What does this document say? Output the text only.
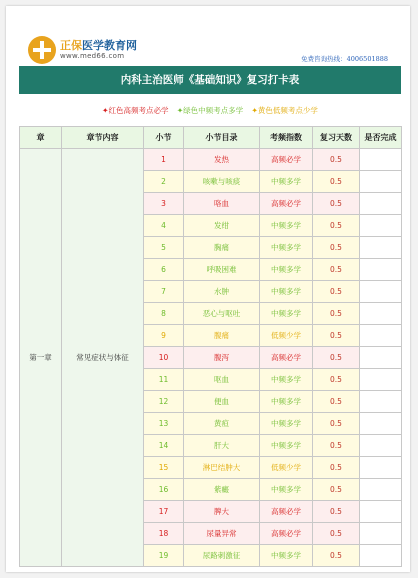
正保医学教育网
www.med66.com	免费咨询热线：4006501888
内科主治医师《基础知识》复习打卡表
✦红色高频考点必学 ✦绿色中频考点多学 ✦黄色低频考点少学
章	章节内容	小节	小节目录	考频指数	复习天数	是否完成
第一章	常见症状与体征	1	发热	高频必学	0.5	
		2	咳嗽与咳痰	中频多学	0.5	
		3	咯血	高频必学	0.5	
		4	发绀	中频多学	0.5	
		5	胸痛	中频多学	0.5	
		6	呼吸困难	中频多学	0.5	
		7	水肿	中频多学	0.5	
		8	恶心与呕吐	中频多学	0.5	
		9	腹痛	低频少学	0.5	
		10	腹泻	高频必学	0.5	
		11	呕血	中频多学	0.5	
		12	便血	中频多学	0.5	
		13	黄疸	中频多学	0.5	
		14	肝大	中频多学	0.5	
		15	淋巴结肿大	低频少学	0.5	
		16	紫癜	中频多学	0.5	
		17	脾大	高频必学	0.5	
		18	尿量异常	高频必学	0.5	
		19	尿路刺激征	中频多学	0.5	
